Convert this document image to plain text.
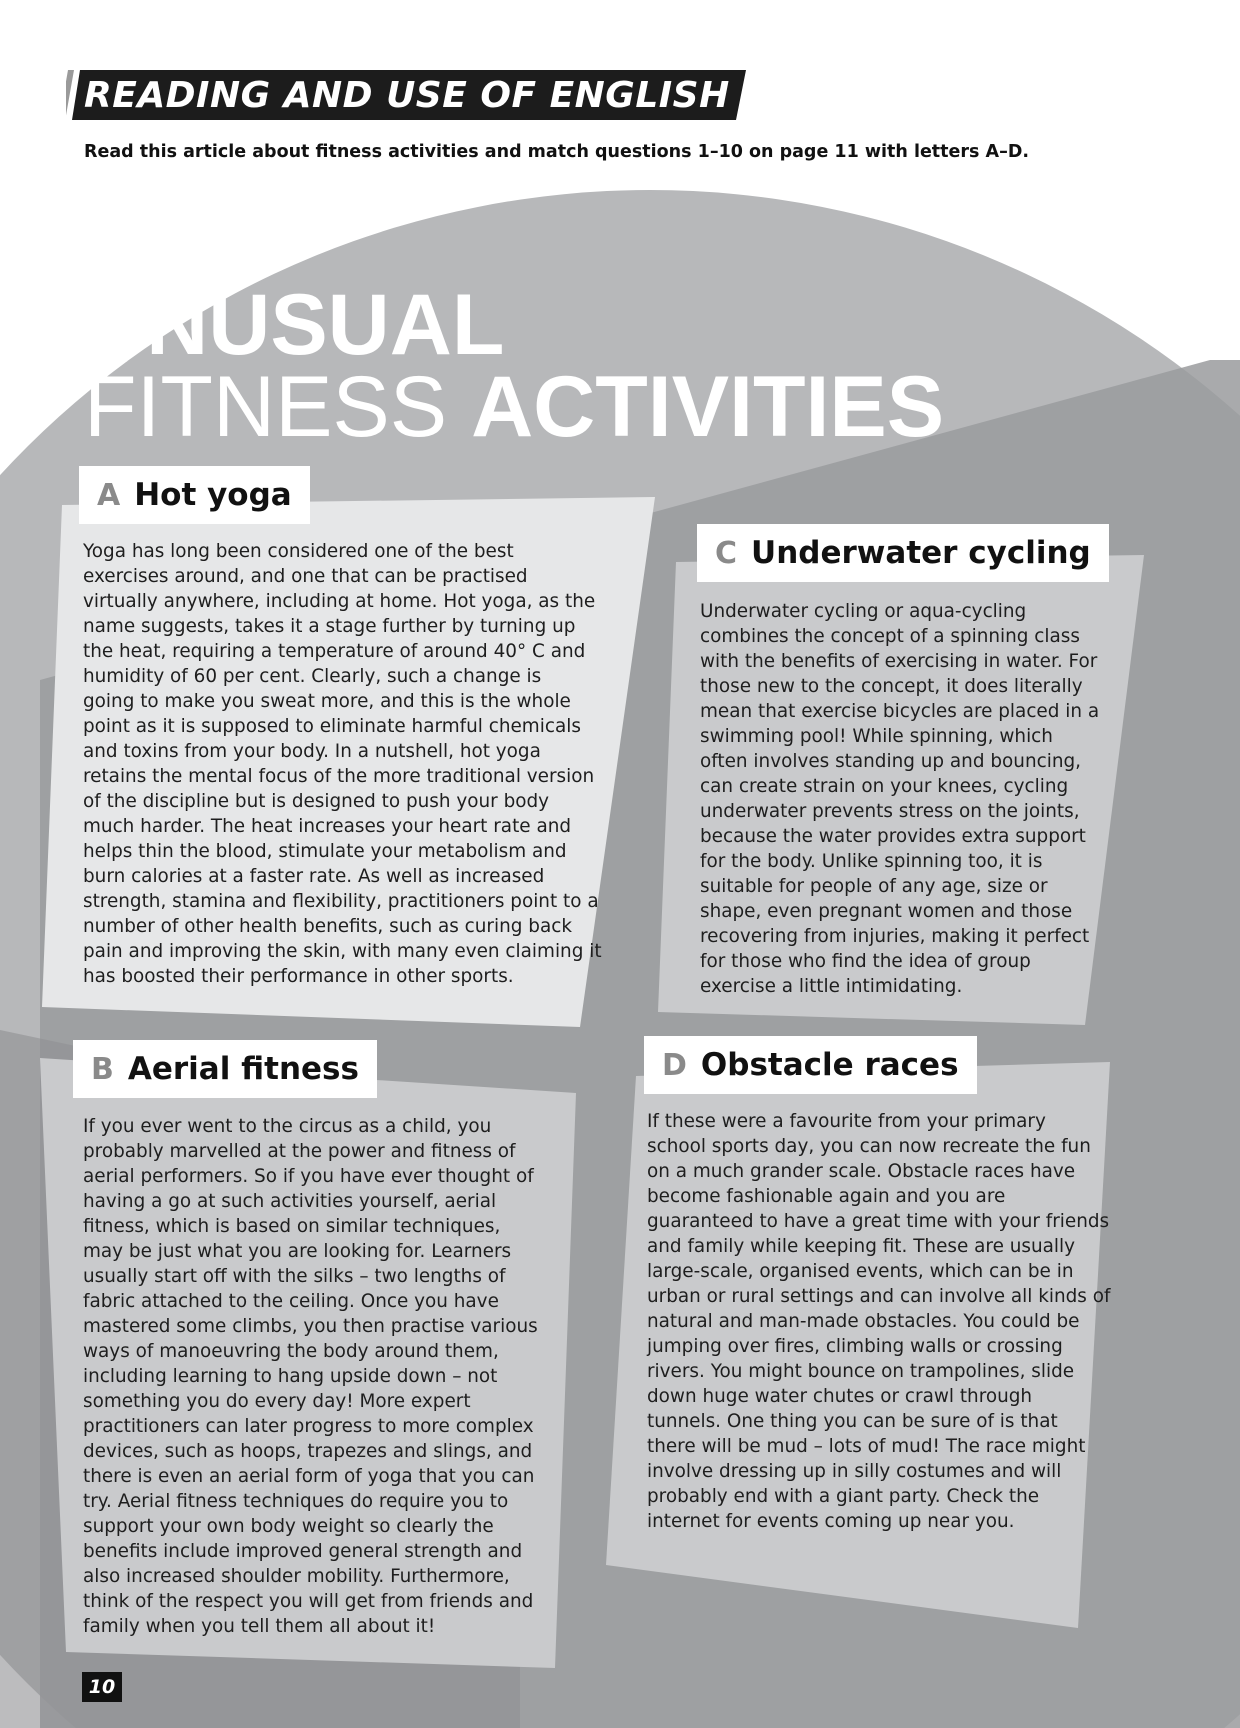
READING AND USE OF ENGLISH PART 7
Read this article about fitness activities and match questions 1–10 on page 11 with letters A–D.
UNUSUAL
FITNESS ACTIVITIES
A Hot yoga

Yoga has long been considered one of the best
exercises around, and one that can be practised
virtually anywhere, including at home. Hot yoga, as the
name suggests, takes it a stage further by turning up
the heat, requiring a temperature of around 40° C and
humidity of 60 per cent. Clearly, such a change is
going to make you sweat more, and this is the whole
point as it is supposed to eliminate harmful chemicals
and toxins from your body. In a nutshell, hot yoga
retains the mental focus of the more traditional version
of the discipline but is designed to push your body
much harder. The heat increases your heart rate and
helps thin the blood, stimulate your metabolism and
burn calories at a faster rate. As well as increased
strength, stamina and flexibility, practitioners point to a
number of other health benefits, such as curing back
pain and improving the skin, with many even claiming it
has boosted their performance in other sports.

C Underwater cycling

Underwater cycling or aqua-cycling
combines the concept of a spinning class
with the benefits of exercising in water. For
those new to the concept, it does literally
mean that exercise bicycles are placed in a
swimming pool! While spinning, which
often involves standing up and bouncing,
can create strain on your knees, cycling
underwater prevents stress on the joints,
because the water provides extra support
for the body. Unlike spinning too, it is
suitable for people of any age, size or
shape, even pregnant women and those
recovering from injuries, making it perfect
for those who find the idea of group
exercise a little intimidating.

B Aerial fitness

If you ever went to the circus as a child, you
probably marvelled at the power and fitness of
aerial performers. So if you have ever thought of
having a go at such activities yourself, aerial
fitness, which is based on similar techniques,
may be just what you are looking for. Learners
usually start off with the silks – two lengths of
fabric attached to the ceiling. Once you have
mastered some climbs, you then practise various
ways of manoeuvring the body around them,
including learning to hang upside down – not
something you do every day! More expert
practitioners can later progress to more complex
devices, such as hoops, trapezes and slings, and
there is even an aerial form of yoga that you can
try. Aerial fitness techniques do require you to
support your own body weight so clearly the
benefits include improved general strength and
also increased shoulder mobility. Furthermore,
think of the respect you will get from friends and
family when you tell them all about it!

D Obstacle races

If these were a favourite from your primary
school sports day, you can now recreate the fun
on a much grander scale. Obstacle races have
become fashionable again and you are
guaranteed to have a great time with your friends
and family while keeping fit. These are usually
large-scale, organised events, which can be in
urban or rural settings and can involve all kinds of
natural and man-made obstacles. You could be
jumping over fires, climbing walls or crossing
rivers. You might bounce on trampolines, slide
down huge water chutes or crawl through
tunnels. One thing you can be sure of is that
there will be mud – lots of mud! The race might
involve dressing up in silly costumes and will
probably end with a giant party. Check the
internet for events coming up near you.

10
